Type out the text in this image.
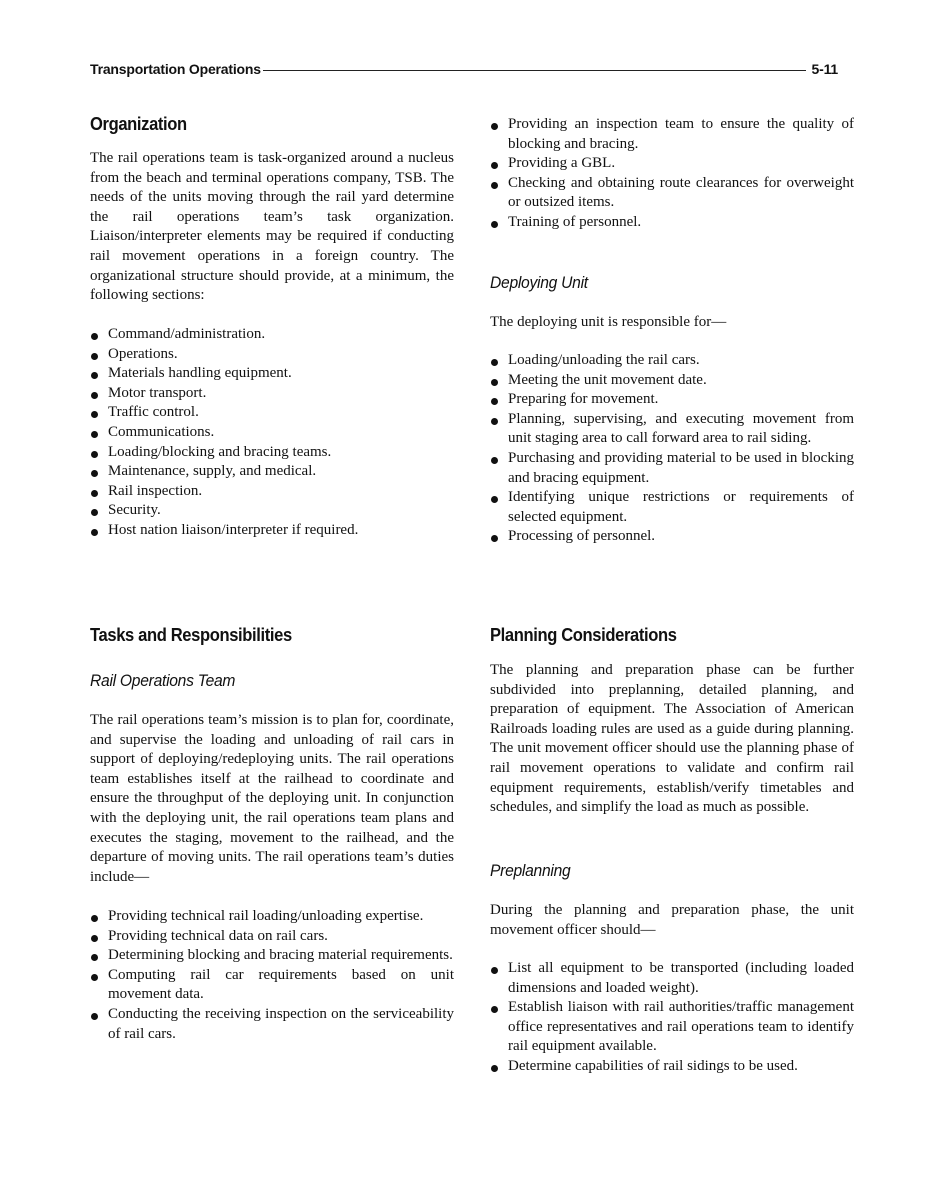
Transportation Operations	5-11
Organization

The rail operations team is task-organized around a nucleus from the beach and terminal operations company, TSB. The needs of the units moving through the rail yard determine the rail operations team’s task organization. Liaison/interpreter elements may be required if conducting rail movement operations in a foreign country. The organizational structure should provide, at a minimum, the following sections:

Command/administration.
Operations.
Materials handling equipment.
Motor transport.
Traffic control.
Communications.
Loading/blocking and bracing teams.
Maintenance, supply, and medical.
Rail inspection.
Security.
Host nation liaison/interpreter if required.
Tasks and Responsibilities
Rail Operations Team

The rail operations team’s mission is to plan for, coordinate, and supervise the loading and unloading of rail cars in support of deploying/redeploying units. The rail operations team establishes itself at the railhead to coordinate and ensure the throughput of the deploying unit. In conjunction with the deploying unit, the rail operations team plans and executes the staging, movement to the railhead, and the departure of moving units. The rail operations team’s duties include—

Providing technical rail loading/unloading expertise.
Providing technical data on rail cars.
Determining blocking and bracing material requirements.
Computing rail car requirements based on unit movement data.
Conducting the receiving inspection on the serviceability of rail cars.
Providing an inspection team to ensure the quality of blocking and bracing.
Providing a GBL.
Checking and obtaining route clearances for overweight or outsized items.
Training of personnel.
Deploying Unit

The deploying unit is responsible for—

Loading/unloading the rail cars.
Meeting the unit movement date.
Preparing for movement.
Planning, supervising, and executing movement from unit staging area to call forward area to rail siding.
Purchasing and providing material to be used in blocking and bracing equipment.
Identifying unique restrictions or requirements of selected equipment.
Processing of personnel.
Planning Considerations

The planning and preparation phase can be further subdivided into preplanning, detailed planning, and preparation of equipment. The Association of American Railroads loading rules are used as a guide during planning. The unit movement officer should use the planning phase of rail movement operations to validate and confirm rail equipment requirements, establish/verify timetables and schedules, and simplify the load as much as possible.

Preplanning

During the planning and preparation phase, the unit movement officer should—

List all equipment to be transported (including loaded dimensions and loaded weight).
Establish liaison with rail authorities/traffic management office representatives and rail operations team to identify rail equipment available.
Determine capabilities of rail sidings to be used.
